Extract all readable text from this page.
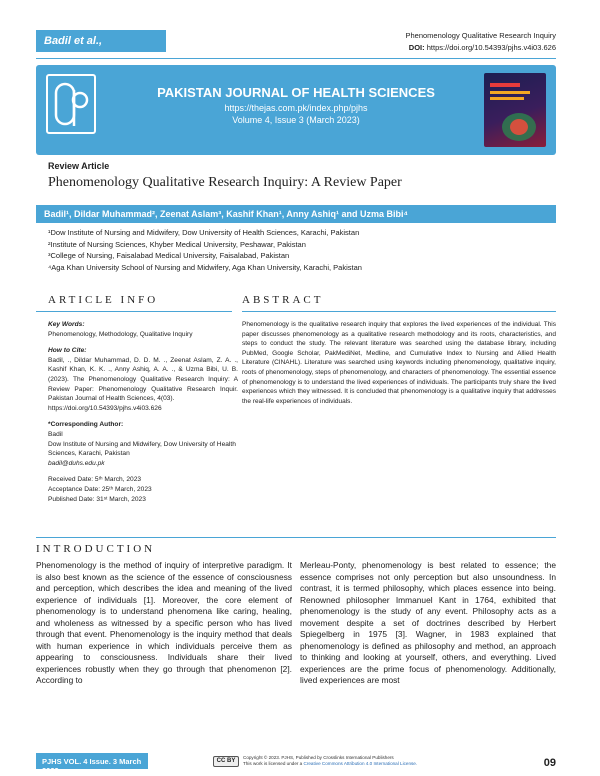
Badil et al.,	Phenomenology Qualitative Research Inquiry
DOI: https://doi.org/10.54393/pjhs.v4i03.626
PAKISTAN JOURNAL OF HEALTH SCIENCES
https://thejas.com.pk/index.php/pjhs
Volume 4, Issue 3 (March 2023)
Review Article
Phenomenology Qualitative Research Inquiry: A Review Paper
Badil¹, Dildar Muhammad², Zeenat Aslam³, Kashif Khan¹, Anny Ashiq¹ and Uzma Bibi⁴
¹Dow Institute of Nursing and Midwifery, Dow University of Health Sciences, Karachi, Pakistan
²Institute of Nursing Sciences, Khyber Medical University, Peshawar, Pakistan
³College of Nursing, Faisalabad Medical University, Faisalabad, Pakistan
⁴Aga Khan University School of Nursing and Midwifery, Aga Khan University, Karachi, Pakistan
ARTICLE INFO	ABSTRACT

Key Words:

Phenomenology, Methodology, Qualitative Inquiry

How to Cite:

Badil, ., Dildar Muhammad, D. D. M. ., Zeenat Aslam, Z. A. ., Kashif Khan, K. K. ., Anny Ashiq, A. A. ., & Uzma Bibi, U. B. (2023). The Phenomenology Qualitative Research Inquiry: A Review Paper: Phenomenology Qualitative Research Inquir. Pakistan Journal of Health Sciences, 4(03).

https://doi.org/10.54393/pjhs.v4i03.626

*Corresponding Author:

Badil

Dow Institute of Nursing and Midwifery, Dow University of Health Sciences, Karachi, Pakistan

badil@duhs.edu.pk

Received Date: 5ᵗʰ March, 2023

Acceptance Date: 25ᵗʰ March, 2023

Published Date: 31ˢᵗ March, 2023

Phenomenology is the qualitative research inquiry that explores the lived experiences of the individual. This paper discusses phenomenology as a qualitative research methodology and its roots, characteristics, and steps to conduct the study. The relevant literature was searched using the database library, including PubMed, Google Scholar, PakMediNet, Medline, and Cumulative Index to Nursing and Allied Health Literature (CINAHL). Literature was searched using keywords including phenomenology, qualitative inquiry, roots of phenomenology, steps of phenomenology, and characters of phenomenology. The essential essence of phenomenology is to understand the lived experiences of individuals. The participants truly share the lived experiences which they witnessed. It is concluded that phenomenology is a qualitative inquiry that addresses the real-life experiences of individuals.
INTRODUCTION
Phenomenology is the method of inquiry of interpretive paradigm. It is also best known as the science of the essence of consciousness and perception, which describes the idea and meaning of the lived experience of individuals [1]. Moreover, the core element of phenomenology is to understand phenomena like caring, healing, and wholeness as witnessed by a specific person who has lived through that event. Phenomenology is the inquiry method that deals with human experience in which individuals perceive them as appearing to consciousness. Individuals share their lived experiences robustly when they go through that phenomenon [2]. According to
Merleau-Ponty, phenomenology is best related to essence; the essence comprises not only perception but also unsoundness. In contrast, it is termed philosophy, which places essence into being. Renowned philosopher Immanuel Kant in 1764, exhibited that phenomenology is the study of any event. Philosophy acts as a movement despite a set of doctrines described by Herbert Spiegelberg in 1975 [3]. Wagner, in 1983 explained that phenomenology is defined as philosophy and method, an approach to thinking and looking at yourself, others, and everything. Lived experiences are the prime focus of phenomenology. Additionally, lived experiences are most
PJHS VOL. 4 Issue. 3 March 2023
CC BY
Copyright © 2023. PJHS, Published by Crosslinks International Publishers
This work is licensed under a Creative Commons Attribution 4.0 International License.	09
